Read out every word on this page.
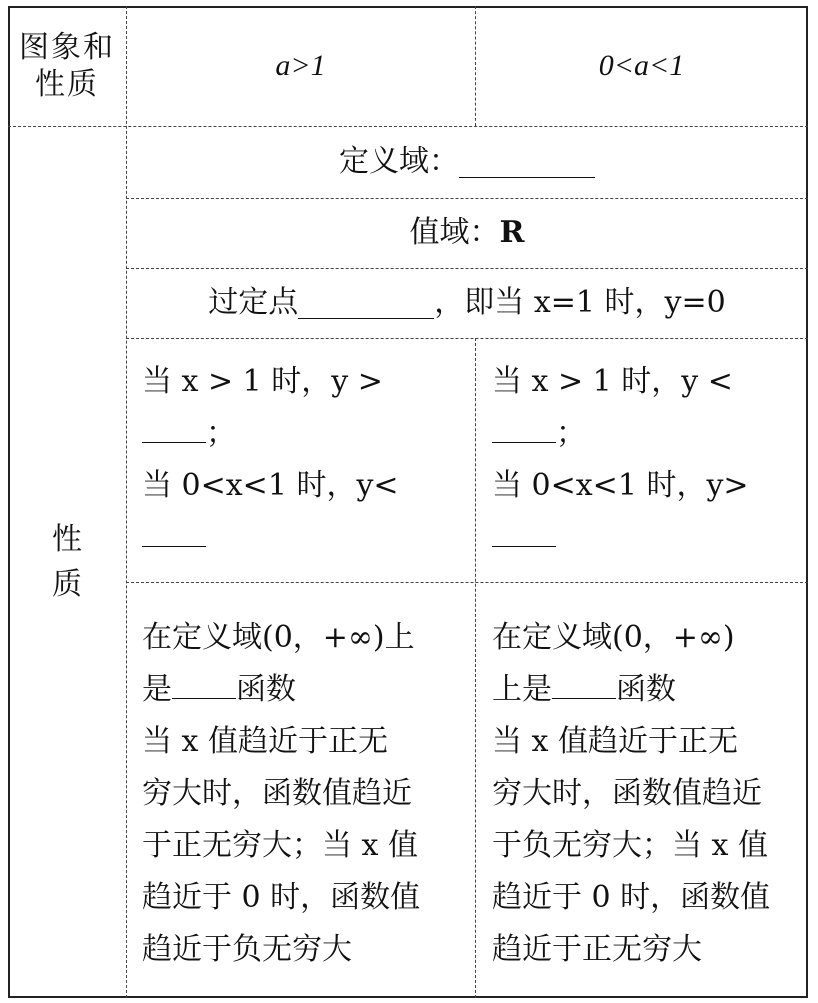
图象和
性质
a>1	0<a<1
性
质
定义域：
值域： R
过定点	，即当 x=1 时，y=0
当 x > 1 时，y >
；
当 0<x<1 时，y<
当 x > 1 时，y <
；
当 0<x<1 时，y>
在定义域(0，+∞)上
是 函数
当 x 值趋近于正无
穷大时，函数值趋近
于正无穷大；当 x 值
趋近于 0 时，函数值
趋近于负无穷大
在定义域(0，+∞)
上是 函数
当 x 值趋近于正无
穷大时，函数值趋近
于负无穷大；当 x 值
趋近于 0 时，函数值
趋近于正无穷大
